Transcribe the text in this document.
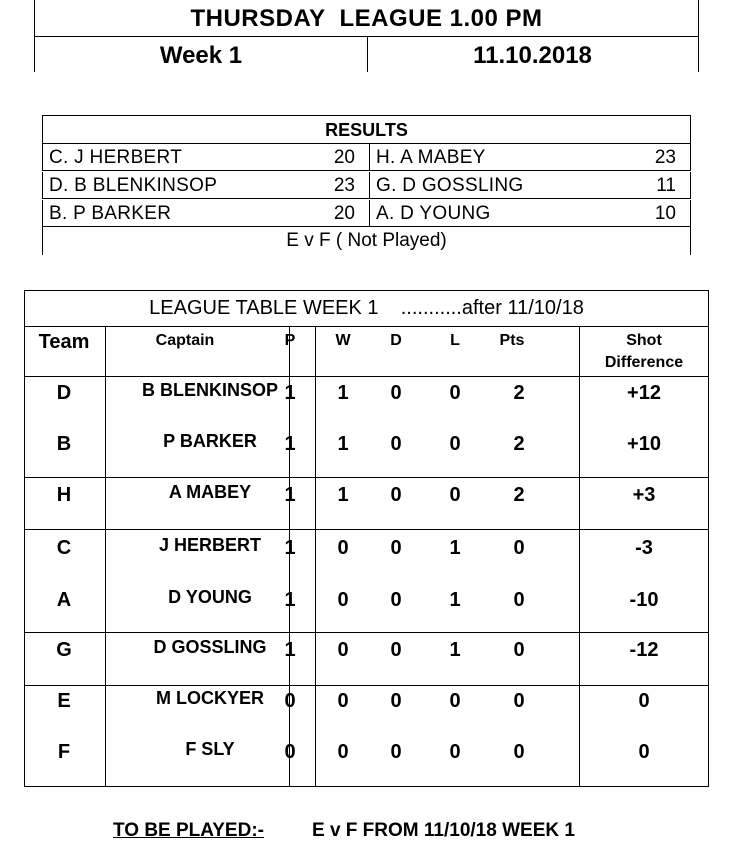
THURSDAY  LEAGUE 1.00 PM
Week 1	11.10.2018
RESULTS
C. J HERBERT	20 H. A MABEY	23
D. B BLENKINSOP	23 G. D GOSSLING	11
B. P BARKER	20 A. D YOUNG	10
E v F ( Not Played)
LEAGUE TABLE WEEK 1    ...........after 11/10/18
Team	Captain	P	W	D	L	Pts	Shot
Difference
D	B BLENKINSOP 1	1	0	0	2	+12
B	P BARKER	1	1	0	0	2	+10
H	A MABEY	1	1	0	0	2	+3
C	J HERBERT	1	0	0	1	0	-3
A	D YOUNG	1	0	0	1	0	-10
G	D GOSSLING 1	0	0	1	0	-12
E	M LOCKYER	0	0	0	0	0	0
F	F SLY	0	0	0	0	0	0
TO BE PLAYED:-	E v F FROM 11/10/18 WEEK 1
